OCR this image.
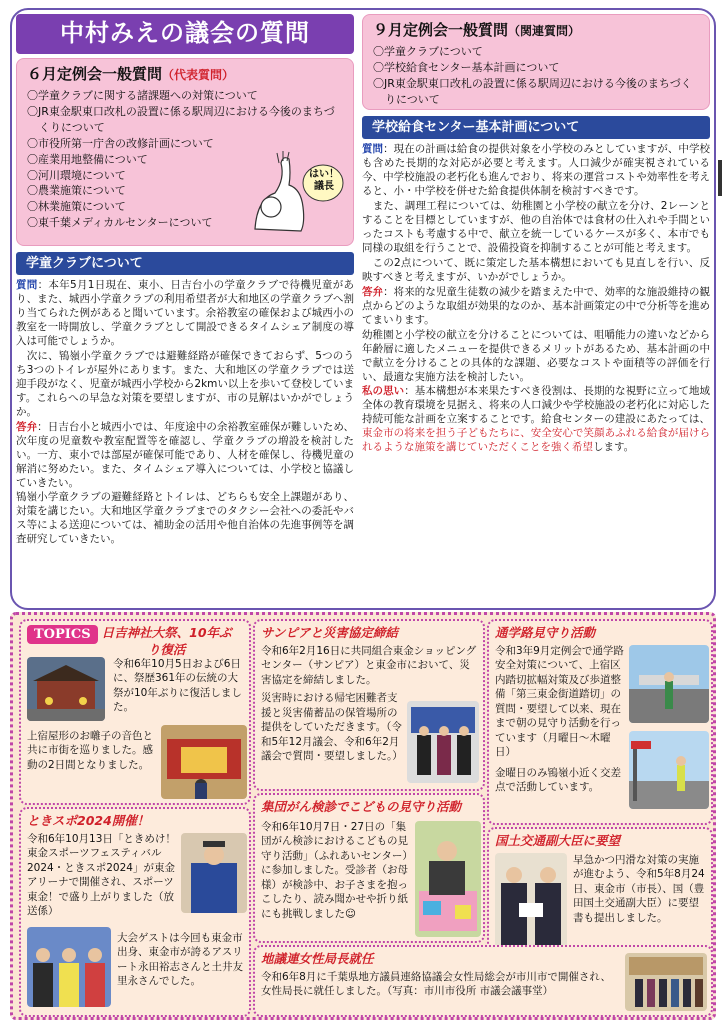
中村みえの議会の質問
６月定例会一般質問（代表質問）
〇学童クラブに関する諸課題への対策について
〇JR東金駅東口改札の設置に係る駅周辺における今後のまちづくりについて
〇市役所第一庁舎の改修計画について
〇産業用地整備について
〇河川環境について
〇農業施策について
〇林業施策について
〇東千葉メディカルセンターについて
はい！議長
学童クラブについて

質問：本年5月1日現在、東小、日吉台小の学童クラブで待機児童があり、また、城西小学童クラブの利用希望者が大和地区の学童クラブへ割り当てられた例があると聞いています。余裕教室の確保および城西小の教室を一時開放し、学童クラブとして開設できるタイムシェア制度の導入は可能でしょうか。

　次に、鴇嶺小学童クラブでは避難経路が確保できておらず、5つのうち3つのトイレが屋外にあります。また、大和地区の学童クラブでは送迎手段がなく、児童が城西小学校から2kmい以上を歩いて登校しています。これらへの早急な対策を要望しますが、市の見解はいかがでしょうか。

答弁：日吉台小と城西小では、年度途中の余裕教室確保が難しいため、次年度の児童数や教室配置等を確認し、学童クラブの増設を検討したい。一方、東小では部屋が確保可能であり、人材を確保し、待機児童の解消に努めたい。また、タイムシェア導入については、小学校と協議していきたい。

鴇嶺小学童クラブの避難経路とトイレは、どちらも安全上課題があり、対策を講じたい。大和地区学童クラブまでのタクシー会社への委託やバス等による送迎については、補助金の活用や他自治体の先進事例等を調査研究していきたい。

９月定例会一般質問（関連質問）
〇学童クラブについて
〇学校給食センター基本計画について
〇JR東金駅東口改札の設置に係る駅周辺における今後のまちづくりについて
学校給食センター基本計画について

質問：現在の計画は給食の提供対象を小学校のみとしていますが、中学校も含めた長期的な対応が必要と考えます。人口減少が確実視されている今、中学校施設の老朽化も進んでおり、将来の運営コストや効率性を考えると、小・中学校を併せた給食提供体制を検討すべきです。

　また、調理工程については、幼稚園と小学校の献立を分け、2レーンとすることを目標としていますが、他の自治体では食材の仕入れや手間といったコストも考慮する中で、献立を統一しているケースが多く、本市でも同様の取組を行うことで、設備投資を抑制することが可能と考えます。

　この2点について、既に策定した基本構想においても見直しを行い、反映すべきと考えますが、いかがでしょうか。

答弁：将来的な児童生徒数の減少を踏まえた中で、効率的な施設維持の観点からどのような取組が効果的なのか、基本計画策定の中で分析等を進めてまいります。

幼稚園と小学校の献立を分けることについては、咀嚼能力の違いなどから年齢層に適したメニューを提供できるメリットがあるため、基本計画の中で献立を分けることの具体的な課題、必要なコストや面積等の評価を行い、最適な実施方法を検討したい。

私の思い：基本構想が本来果たすべき役割は、長期的な視野に立って地域全体の教育環境を見据え、将来の人口減少や学校施設の老朽化に対応した持続可能な計画を立案することです。給食センターの建設にあたっては、東金市の将来を担う子どもたちに、安全安心で笑顔あふれる給食が届けられるような施策を講じていただくことを強く希望します。

TOPICS 日吉神社大祭、10年ぶり復活
令和6年10月5日および6日に、祭歴361年の伝統の大祭が10年ぶりに復活しました。
上宿屋形のお囃子の音色と共に市街を巡りました。感動の2日間となりました。
サンピアと災害協定締結
令和6年2月16日に共同組合東金ショッピングセンター（サンピア）と東金市において、災害協定を締結しました。
災害時における帰宅困難者支援と災害備蓄品の保管場所の提供をしていただきます。（令和5年12月議会、令和6年2月議会で質問・要望しました。）
通学路見守り活動
令和3年9月定例会で通学路安全対策について、上宿区内踏切拡幅対策及び歩道整備「第三東金街道踏切」の質問・要望して以来、現在まで朝の見守り活動を行っています（月曜日〜木曜日）
金曜日のみ鴇嶺小近く交差点で活動しています。
ときスポ2024開催！
令和6年10月13日「ときめけ！東金スポーツフェスティバル2024・ときスポ2024」が東金アリーナで開催され、スポーツ東金！で盛り上がりました（放送係）
大会ゲストは今回も東金市出身、東金市が誇るアスリート永田裕志さんと土井友里永さんでした。
集団がん検診でこどもの見守り活動
令和6年10月7日・27日の「集団がん検診におけるこどもの見守り活動」（ふれあいセンター）に参加しました。受診者（お母様）が検診中、お子さまを抱っこしたり、読み聞かせや折り紙にも挑戦しました☺
国土交通副大臣に要望
早急かつ円滑な対策の実施が進むよう、令和5年8月24日、東金市（市長）、国（豊田国土交通副大臣）に要望書も提出しました。
地議連女性局長就任
令和6年8月に千葉県地方議員連絡協議会女性局総会が市川市で開催され、女性局長に就任しました。（写真：市川市役所 市議会議事堂）
